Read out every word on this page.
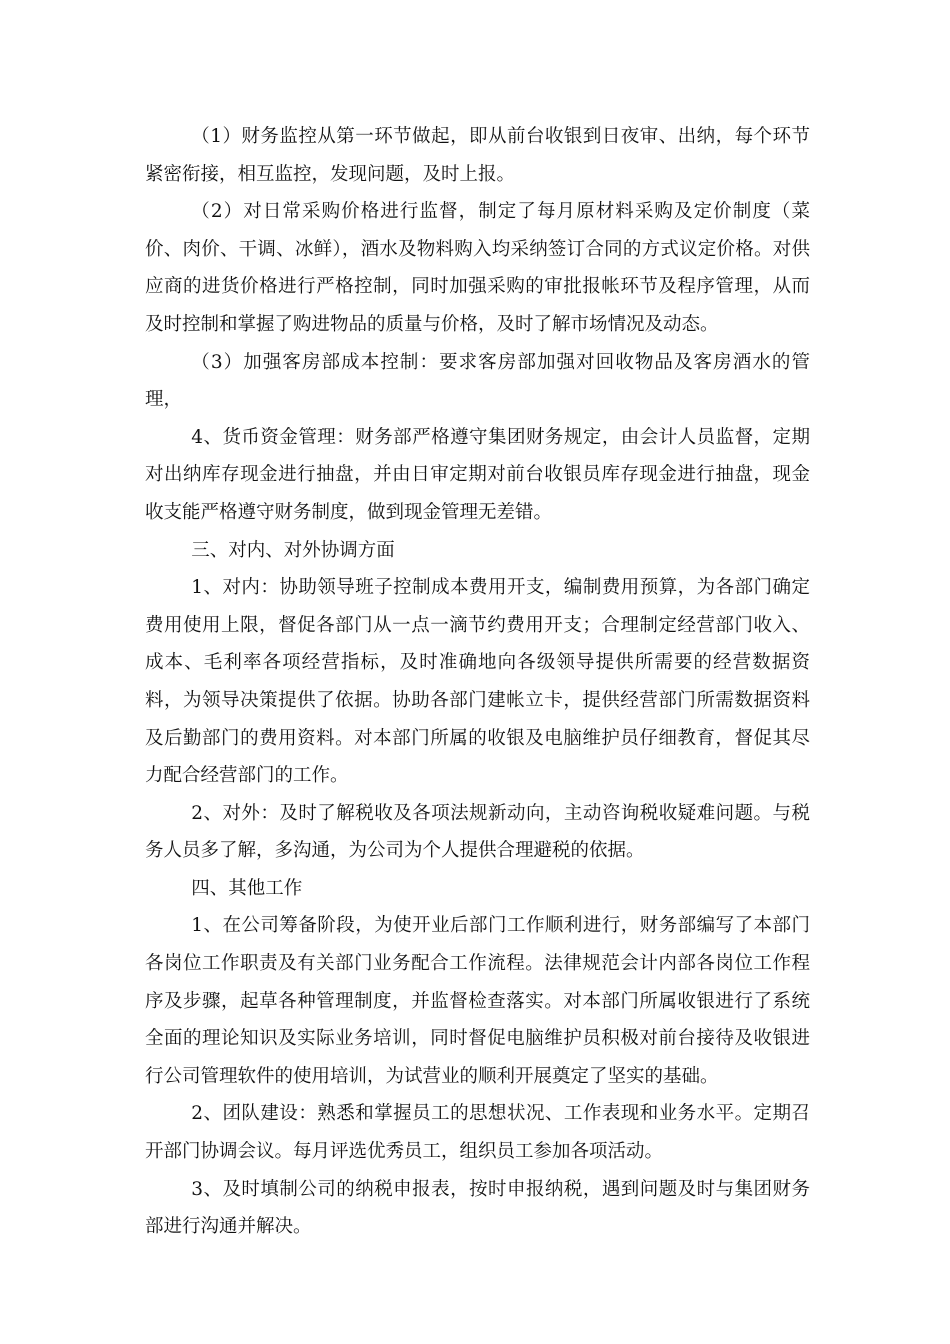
（1）财务监控从第一环节做起，即从前台收银到日夜审、出纳，每个环节紧密衔接，相互监控，发现问题，及时上报。

（2）对日常采购价格进行监督，制定了每月原材料采购及定价制度（菜价、肉价、干调、冰鲜），酒水及物料购入均采纳签订合同的方式议定价格。对供应商的进货价格进行严格控制，同时加强采购的审批报帐环节及程序管理，从而及时控制和掌握了购进物品的质量与价格，及时了解市场情况及动态。

（3）加强客房部成本控制：要求客房部加强对回收物品及客房酒水的管理，

4、货币资金管理：财务部严格遵守集团财务规定，由会计人员监督，定期对出纳库存现金进行抽盘，并由日审定期对前台收银员库存现金进行抽盘，现金收支能严格遵守财务制度，做到现金管理无差错。

三、对内、对外协调方面

1、对内：协助领导班子控制成本费用开支，编制费用预算，为各部门确定费用使用上限，督促各部门从一点一滴节约费用开支；合理制定经营部门收入、成本、毛利率各项经营指标，及时准确地向各级领导提供所需要的经营数据资料，为领导决策提供了依据。协助各部门建帐立卡，提供经营部门所需数据资料及后勤部门的费用资料。对本部门所属的收银及电脑维护员仔细教育，督促其尽力配合经营部门的工作。

2、对外：及时了解税收及各项法规新动向，主动咨询税收疑难问题。与税务人员多了解，多沟通，为公司为个人提供合理避税的依据。

四、其他工作

1、在公司筹备阶段，为使开业后部门工作顺利进行，财务部编写了本部门各岗位工作职责及有关部门业务配合工作流程。法律规范会计内部各岗位工作程序及步骤，起草各种管理制度，并监督检查落实。对本部门所属收银进行了系统全面的理论知识及实际业务培训，同时督促电脑维护员积极对前台接待及收银进行公司管理软件的使用培训，为试营业的顺利开展奠定了坚实的基础。

2、团队建设：熟悉和掌握员工的思想状况、工作表现和业务水平。定期召开部门协调会议。每月评选优秀员工，组织员工参加各项活动。

3、及时填制公司的纳税申报表，按时申报纳税，遇到问题及时与集团财务部进行沟通并解决。
